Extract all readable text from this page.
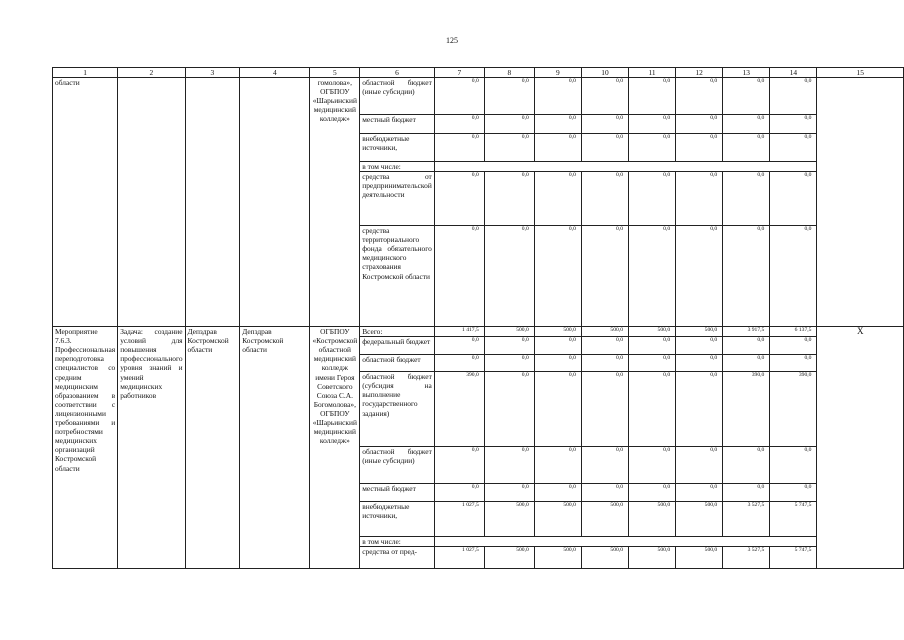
125
1	2	3	4	5	6	7	8	9	10	11	12	13	14	15
области				гомолова», ОГБПОУ «Шарьинский медицинский колледж»	областной бюджет (иные субсидии)	0,0	0,0	0,0	0,0	0,0	0,0	0,0	0,0	
					местный бюджет	0,0	0,0	0,0	0,0	0,0	0,0	0,0	0,0	
					внебюджетные источники,	0,0	0,0	0,0	0,0	0,0	0,0	0,0	0,0	
					в том числе:									
					средства от предпринимательской деятельности	0,0	0,0	0,0	0,0	0,0	0,0	0,0	0,0	
					средства территориального фонда обязательного медицинского страхования Костромской области	0,0	0,0	0,0	0,0	0,0	0,0	0,0	0,0	
Мероприятие 7.6.3. Профессиональная переподготовка специалистов со средним медицинским образованием в соответствии с лицензионными требованиями и потребностями медицинских организаций Костромской области	Задача: создание условий для повышения профессионального уровня знаний и умений медицинских работников	Депздрав Костромской области	Депздрав Костромской области	ОГБПОУ «Костромской областной медицинский колледж имени Героя Советского Союза С.А. Богомолова», ОГБПОУ «Шарьинский медицинский колледж»	Всего:	1 417,5	500,0	500,0	500,0	500,0	500,0	3 917,5	6 137,5	X
					федеральный бюджет	0,0	0,0	0,0	0,0	0,0	0,0	0,0	0,0	
					областной бюджет	0,0	0,0	0,0	0,0	0,0	0,0	0,0	0,0	
					областной бюджет (субсидия на выполнение государственного задания)	390,0	0,0	0,0	0,0	0,0	0,0	390,0	390,0	
					областной бюджет (иные субсидии)	0,0	0,0	0,0	0,0	0,0	0,0	0,0	0,0	
					местный бюджет	0,0	0,0	0,0	0,0	0,0	0,0	0,0	0,0	
					внебюджетные источники,	1 027,5	500,0	500,0	500,0	500,0	500,0	3 527,5	5 747,5	
					в том числе:									
					средства от пред-	1 027,5	500,0	500,0	500,0	500,0	500,0	3 527,5	5 747,5	
